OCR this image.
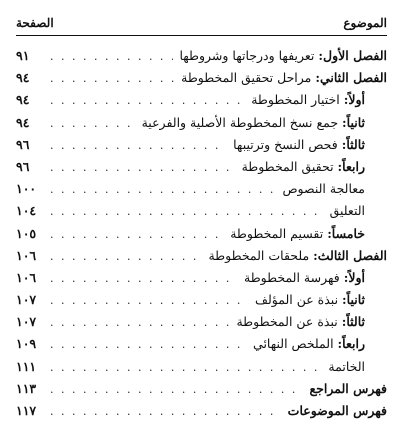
الموضوع
الصفحة
الفصل الأول: تعريفها ودرجاتها وشروطها
. . .
٩١
الفصل الثاني: مراحل تحقيق المخطوطة
. . .
٩٤
أولاً: اختيار المخطوطة
. . .
٩٤
ثانياً: جمع نسخ المخطوطة الأصلية والفرعية
. . .
٩٤
ثالثاً: فحص النسخ وترتيبها
. . .
٩٦
رابعاً: تحقيق المخطوطة
. . .
٩٦
معالجة النصوص
. . .
١٠٠
التعليق
. . .
١٠٤
خامساً: تقسيم المخطوطة
. . .
١٠٥
الفصل الثالث: ملحقات المخطوطة
. . .
١٠٦
أولاً: فهرسة المخطوطة
. . .
١٠٦
ثانياً: نبذة عن المؤلف
. . .
١٠٧
ثالثاً: نبذة عن المخطوطة
. . .
١٠٧
رابعاً: الملخص النهائي
. . .
١٠٩
الخاتمة
. . .
١١١
فهرس المراجع
. . .
١١٣
فهرس الموضوعات
. . .
١١٧
